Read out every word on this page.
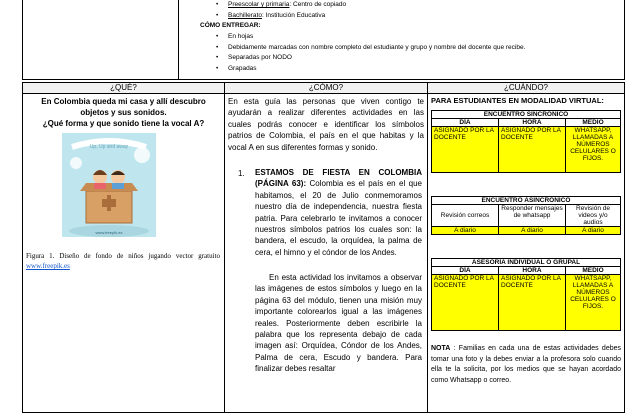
• Preescolar y primaria: Centro de copiado
• Bachillerato: Institución Educativa
CÓMO ENTREGAR:
• En hojas
• Debidamente marcadas con nombre completo del estudiante y grupo y nombre del docente que recibe.
• Separadas por NODO
• Grapadas
¿QUÉ?	¿CÓMO?	¿CUÁNDO?
En Colombia queda mi casa y allí descubro
objetos y sus sonidos.
¿Qué forma y que sonido tiene la vocal A?
Up, Up and away
www.freepik.es
Figura 1. Diseño de fondo de niños jugando vector gratuito www.freepik.es
En esta guía las personas que viven contigo te ayudarán a realizar diferentes actividades en las cuales podrás conocer e identificar los símbolos patrios de Colombia, el país en el que habitas y la vocal A en sus diferentes formas y sonido.
1. ESTAMOS DE FIESTA EN COLOMBIA (PÁGINA 63): Colombia es el país en el que habitamos, el 20 de Julio conmemoramos nuestro día de independencia, nuestra fiesta patria. Para celebrarlo te invitamos a conocer nuestros símbolos patrios los cuales son: la bandera, el escudo, la orquídea, la palma de cera, el himno y el cóndor de los Andes.
En esta actividad los invitamos a observar las imágenes de estos símbolos y luego en la página 63 del módulo, tienen una misión muy importante colorearlos igual a las imágenes reales. Posteriormente deben escribirle la palabra que los representa debajo de cada imagen así: Orquídea, Cóndor de los Andes, Palma de cera, Escudo y bandera. Para finalizar debes resaltar
PARA ESTUDIANTES EN MODALIDAD VIRTUAL:
ENCUENTRO SINCRÓNICO		
DÍA	HORA	MEDIO
ASIGNADO POR LA DOCENTE	ASIGNADO POR LA DOCENTE	WHATSAPP, LLAMADAS A NÚMEROS CELULARES O FIJOS.
ENCUENTRO ASINCRÓNICO		
Revisión correos	Responder mensajes de whatsapp	Revisión de videos y/o audios
A diario	A diario	A diario
ASESORÍA INDIVIDUAL O GRUPAL		
DÍA	HORA	MEDIO
ASIGNADO POR LA DOCENTE	ASIGNADO POR LA DOCENTE	WHATSAPP, LLAMADAS A NÚMEROS CELULARES O FIJOS.
NOTA : Familias en cada una de estas actividades debes tomar una foto y la debes enviar a la profesora solo cuando ella te la solicita, por los medios que se hayan acordado como Whatsapp o correo.
